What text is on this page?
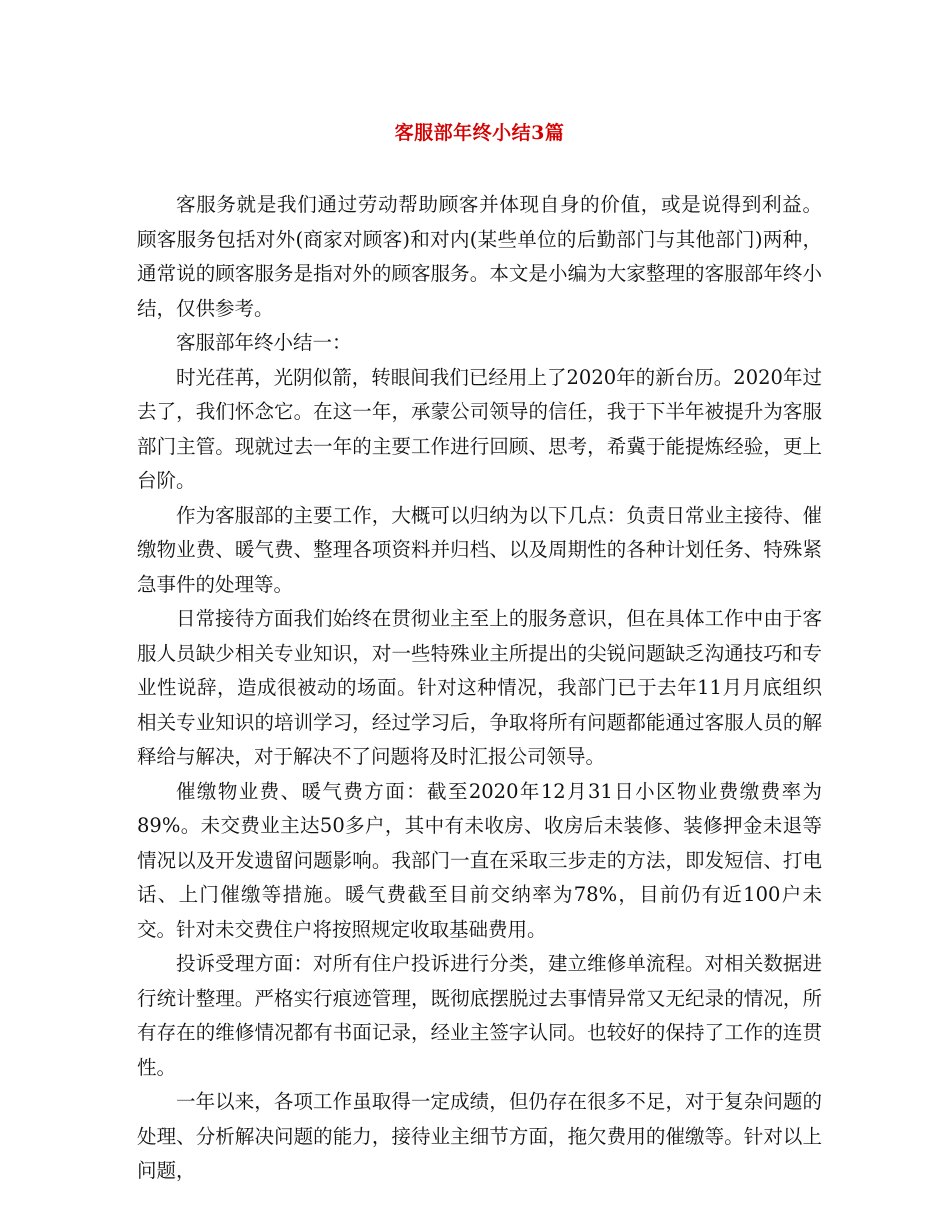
客服部年终小结3篇

客服务就是我们通过劳动帮助顾客并体现自身的价值，或是说得到利益。 顾客服务包括对外(商家对顾客)和对内(某些单位的后勤部门与其他部门)两种，通常说的顾客服务是指对外的顾客服务。本文是小编为大家整理的客服部年终小结，仅供参考。

客服部年终小结一：

时光荏苒，光阴似箭，转眼间我们已经用上了2020年的新台历。2020年过去了，我们怀念它。在这一年，承蒙公司领导的信任，我于下半年被提升为客服部门主管。现就过去一年的主要工作进行回顾、思考，希冀于能提炼经验，更上台阶。

作为客服部的主要工作，大概可以归纳为以下几点：负责日常业主接待、催缴物业费、暖气费、整理各项资料并归档、以及周期性的各种计划任务、特殊紧急事件的处理等。

日常接待方面我们始终在贯彻业主至上的服务意识，但在具体工作中由于客服人员缺少相关专业知识，对一些特殊业主所提出的尖锐问题缺乏沟通技巧和专业性说辞，造成很被动的场面。针对这种情况，我部门已于去年11月月底组织相关专业知识的培训学习，经过学习后，争取将所有问题都能通过客服人员的解释给与解决，对于解决不了问题将及时汇报公司领导。

催缴物业费、暖气费方面：截至2020年12月31日小区物业费缴费率为89%。未交费业主达50多户，其中有未收房、收房后未装修、装修押金未退等情况以及开发遗留问题影响。我部门一直在采取三步走的方法，即发短信、打电话、上门催缴等措施。暖气费截至目前交纳率为78%，目前仍有近100户未交。针对未交费住户将按照规定收取基础费用。

投诉受理方面：对所有住户投诉进行分类，建立维修单流程。对相关数据进行统计整理。严格实行痕迹管理，既彻底摆脱过去事情异常又无纪录的情况，所有存在的维修情况都有书面记录，经业主签字认同。也较好的保持了工作的连贯性。

一年以来，各项工作虽取得一定成绩，但仍存在很多不足，对于复杂问题的处理、分析解决问题的能力，接待业主细节方面，拖欠费用的催缴等。针对以上问题，
